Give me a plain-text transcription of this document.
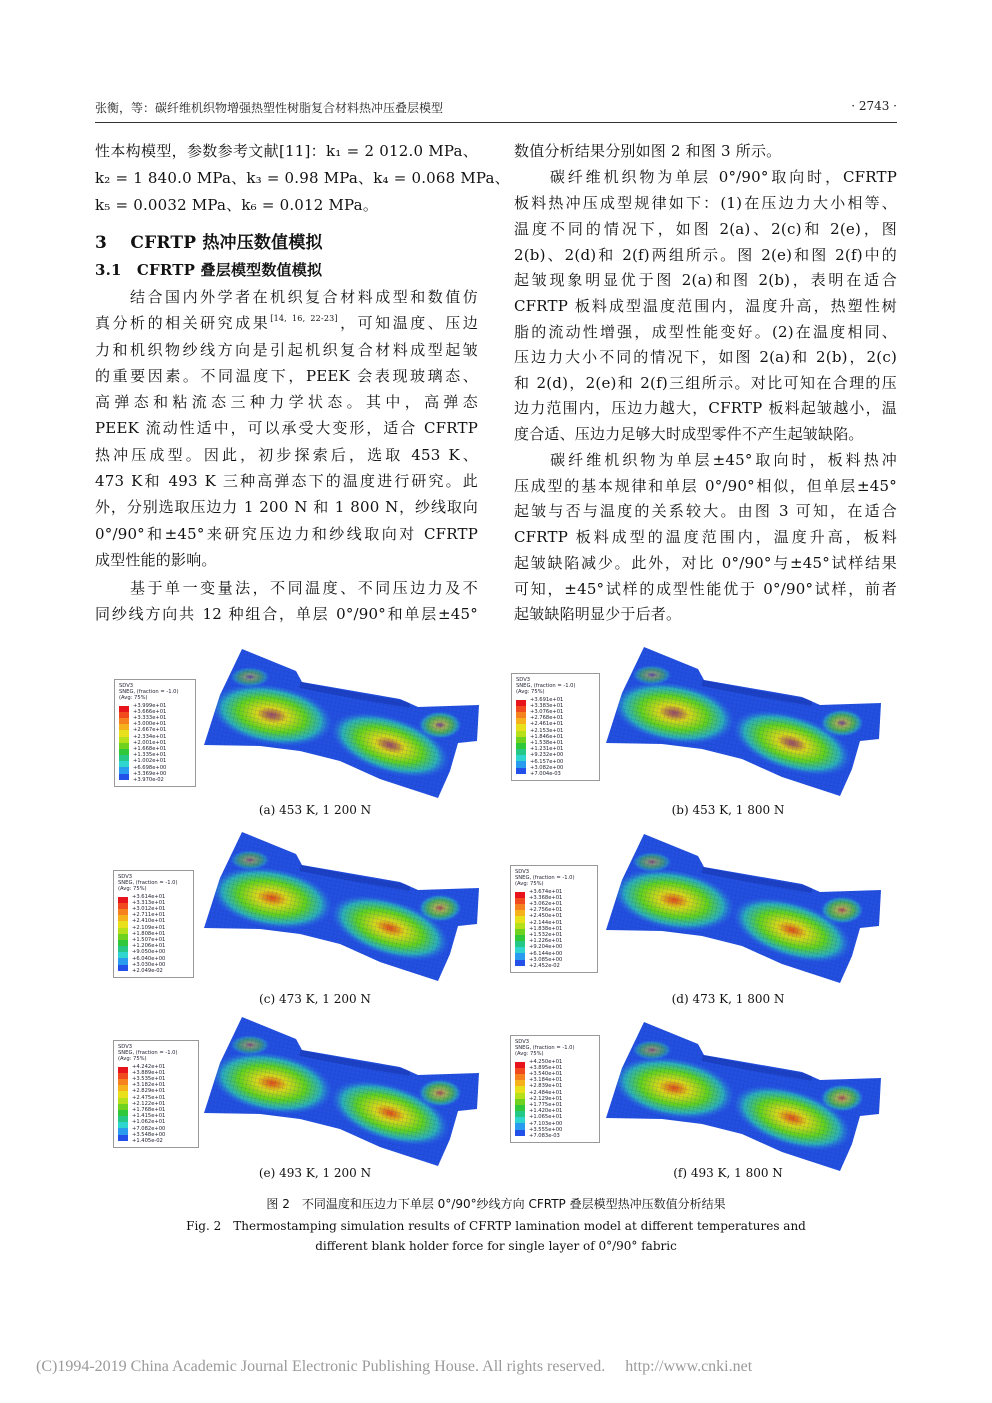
张衡，等：碳纤维机织物增强热塑性树脂复合材料热冲压叠层模型	· 2743 ·
性本构模型，参数参考文献[11]：k₁ = 2 012.0 MPa、
k₂ = 1 840.0 MPa、k₃ = 0.98 MPa、k₄ = 0.068 MPa、
k₅ = 0.0032 MPa、k₆ = 0.012 MPa。
3　 CFRTP 热冲压数值模拟
3.1　CFRTP 叠层模型数值模拟
　　结合国内外学者在机织复合材料成型和数值仿
真分析的相关研究成果[14, 16, 22-23]，可知温度、压边
力和机织物纱线方向是引起机织复合材料成型起皱
的重要因素。不同温度下，PEEK 会表现玻璃态、
高弹态和粘流态三种力学状态。其中，高弹态
PEEK 流动性适中，可以承受大变形，适合 CFRTP
热冲压成型。因此，初步探索后，选取 453 K、
473 K和 493 K 三种高弹态下的温度进行研究。此
外，分别选取压边力 1 200 N 和 1 800 N，纱线取向
0°/90°和±45°来研究压边力和纱线取向对 CFRTP
成型性能的影响。
　　基于单一变量法，不同温度、不同压边力及不
同纱线方向共 12 种组合，单层 0°/90°和单层±45°
数值分析结果分别如图 2 和图 3 所示。
　　碳纤维机织物为单层 0°/90°取向时，CFRTP
板料热冲压成型规律如下：(1)在压边力大小相等、
温度不同的情况下，如图 2(a)、2(c)和 2(e)，图
2(b)、2(d)和 2(f)两组所示。图 2(e)和图 2(f)中的
起皱现象明显优于图 2(a)和图 2(b)，表明在适合
CFRTP 板料成型温度范围内，温度升高，热塑性树
脂的流动性增强，成型性能变好。(2)在温度相同、
压边力大小不同的情况下，如图 2(a)和 2(b)，2(c)
和 2(d)，2(e)和 2(f)三组所示。对比可知在合理的压
边力范围内，压边力越大，CFRTP 板料起皱越小，温
度合适、压边力足够大时成型零件不产生起皱缺陷。
　　碳纤维机织物为单层±45°取向时，板料热冲
压成型的基本规律和单层 0°/90°相似，但单层±45°
起皱与否与温度的关系较大。由图 3 可知，在适合
CFRTP 板料成型的温度范围内，温度升高，板料
起皱缺陷减少。此外，对比 0°/90°与±45°试样结果
可知，±45°试样的成型性能优于 0°/90°试样，前者
起皱缺陷明显少于后者。
SDV3
SNEG, (fraction = -1.0)
(Avg: 75%)
+3.999e+01
+3.666e+01
+3.333e+01
+3.000e+01
+2.667e+01
+2.334e+01
+2.001e+01
+1.668e+01
+1.335e+01
+1.002e+01
+6.698e+00
+3.369e+00
+3.970e-02
(a) 453 K, 1 200 N
SDV3
SNEG, (fraction = -1.0)
(Avg: 75%)
+3.691e+01
+3.383e+01
+3.076e+01
+2.768e+01
+2.461e+01
+2.153e+01
+1.846e+01
+1.538e+01
+1.231e+01
+9.232e+00
+6.157e+00
+3.082e+00
+7.004e-03
(b) 453 K, 1 800 N
SDV3
SNEG, (fraction = -1.0)
(Avg: 75%)
+3.614e+01
+3.313e+01
+3.012e+01
+2.711e+01
+2.410e+01
+2.109e+01
+1.808e+01
+1.507e+01
+1.206e+01
+9.050e+00
+6.040e+00
+3.030e+00
+2.049e-02
(c) 473 K, 1 200 N
SDV3
SNEG, (fraction = -1.0)
(Avg: 75%)
+3.674e+01
+3.368e+01
+3.062e+01
+2.756e+01
+2.450e+01
+2.144e+01
+1.838e+01
+1.532e+01
+1.226e+01
+9.204e+00
+6.144e+00
+3.085e+00
+2.452e-02
(d) 473 K, 1 800 N
SDV3
SNEG, (fraction = -1.0)
(Avg: 75%)
+4.242e+01
+3.889e+01
+3.535e+01
+3.182e+01
+2.829e+01
+2.475e+01
+2.122e+01
+1.768e+01
+1.415e+01
+1.062e+01
+7.082e+00
+3.548e+00
+1.405e-02
(e) 493 K, 1 200 N
SDV3
SNEG, (fraction = -1.0)
(Avg: 75%)
+4.250e+01
+3.895e+01
+3.540e+01
+3.184e+01
+2.839e+01
+2.484e+01
+2.129e+01
+1.775e+01
+1.420e+01
+1.065e+01
+7.103e+00
+3.555e+00
+7.083e-03
(f) 493 K, 1 800 N
图 2　不同温度和压边力下单层 0°/90°纱线方向 CFRTP 叠层模型热冲压数值分析结果
Fig. 2　Thermostamping simulation results of CFRTP lamination model at different temperatures and
different blank holder force for single layer of 0°/90° fabric
(C)1994-2019 China Academic Journal Electronic Publishing House. All rights reserved.　 http://www.cnki.net
